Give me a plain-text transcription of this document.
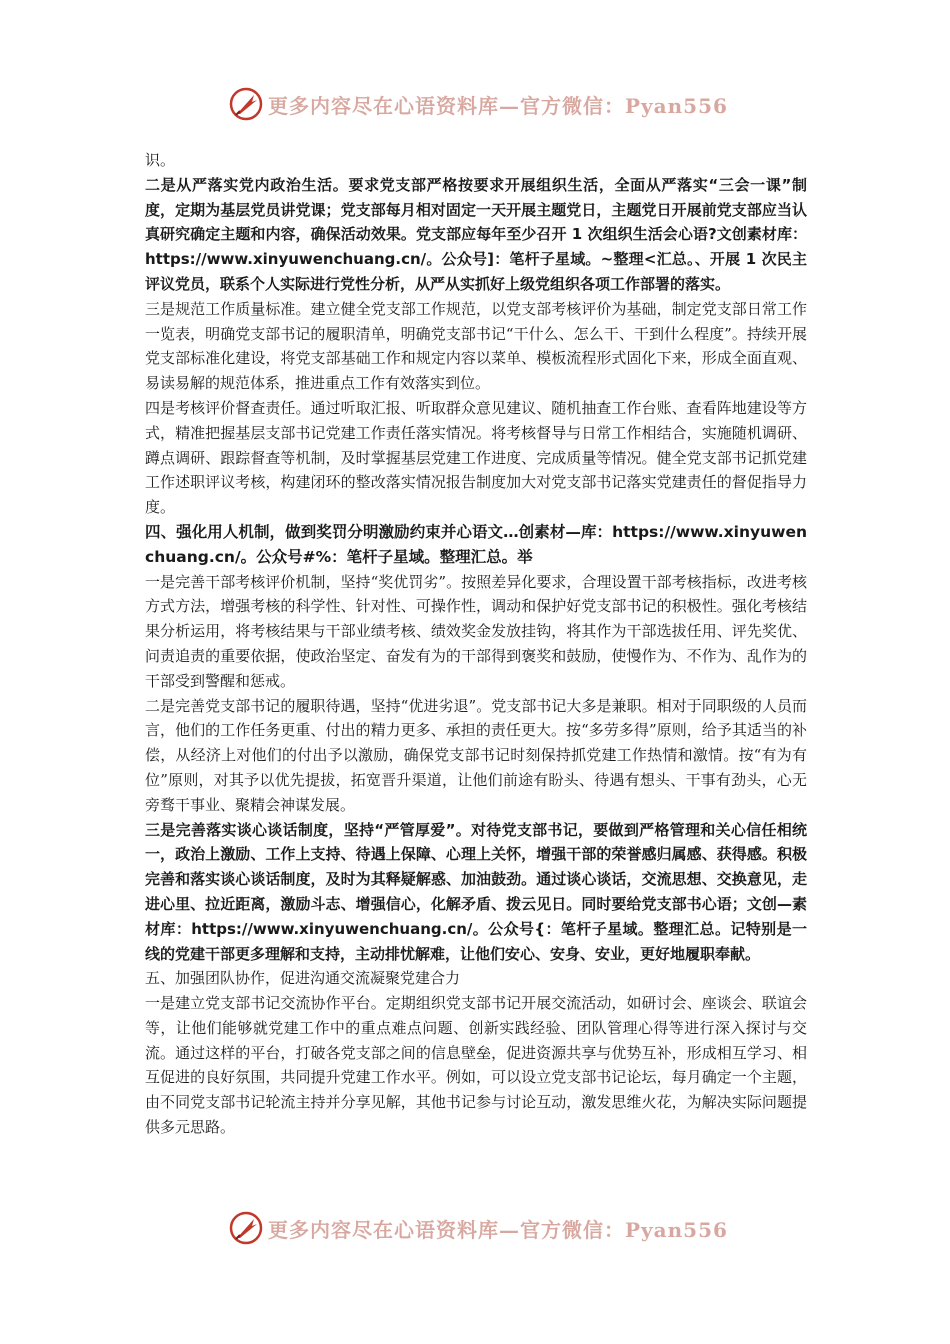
更多内容尽在心语资料库—官方微信：Pyan556

识。

二是从严落实党内政治生活。要求党支部严格按要求开展组织生活，全面从严落实“三会一课”制度，定期为基层党员讲党课；党支部每月相对固定一天开展主题党日，主题党日开展前党支部应当认真研究确定主题和内容，确保活动效果。党支部应每年至少召开 1 次组织生活会心语?文创素材库：https://www.xinyuwenchuang.cn/。公众号]：笔杆子星域。~整理<汇总。、开展 1 次民主评议党员，联系个人实际进行党性分析，从严从实抓好上级党组织各项工作部署的落实。

三是规范工作质量标准。建立健全党支部工作规范，以党支部考核评价为基础，制定党支部日常工作一览表，明确党支部书记的履职清单，明确党支部书记“干什么、怎么干、干到什么程度”。持续开展党支部标准化建设，将党支部基础工作和规定内容以菜单、模板流程形式固化下来，形成全面直观、易读易解的规范体系，推进重点工作有效落实到位。

四是考核评价督查责任。通过听取汇报、听取群众意见建议、随机抽查工作台账、查看阵地建设等方式，精准把握基层支部书记党建工作责任落实情况。将考核督导与日常工作相结合，实施随机调研、蹲点调研、跟踪督查等机制，及时掌握基层党建工作进度、完成质量等情况。健全党支部书记抓党建工作述职评议考核，构建闭环的整改落实情况报告制度加大对党支部书记落实党建责任的督促指导力度。

四、强化用人机制，做到奖罚分明激励约束并心语文…创素材—库：https://www.xinyuwenchuang.cn/。公众号#%：笔杆子星域。整理汇总。举

一是完善干部考核评价机制，坚持“奖优罚劣”。按照差异化要求，合理设置干部考核指标，改进考核方式方法，增强考核的科学性、针对性、可操作性，调动和保护好党支部书记的积极性。强化考核结果分析运用，将考核结果与干部业绩考核、绩效奖金发放挂钩，将其作为干部选拔任用、评先奖优、问责追责的重要依据，使政治坚定、奋发有为的干部得到褒奖和鼓励，使慢作为、不作为、乱作为的干部受到警醒和惩戒。

二是完善党支部书记的履职待遇，坚持“优进劣退”。党支部书记大多是兼职。相对于同职级的人员而言，他们的工作任务更重、付出的精力更多、承担的责任更大。按“多劳多得”原则，给予其适当的补偿，从经济上对他们的付出予以激励，确保党支部书记时刻保持抓党建工作热情和激情。按“有为有位”原则，对其予以优先提拔，拓宽晋升渠道，让他们前途有盼头、待遇有想头、干事有劲头，心无旁骛干事业、聚精会神谋发展。

三是完善落实谈心谈话制度，坚持“严管厚爱”。对待党支部书记，要做到严格管理和关心信任相统一，政治上激励、工作上支持、待遇上保障、心理上关怀，增强干部的荣誉感归属感、获得感。积极完善和落实谈心谈话制度，及时为其释疑解惑、加油鼓劲。通过谈心谈话，交流思想、交换意见，走进心里、拉近距离，激励斗志、增强信心，化解矛盾、拨云见日。同时要给党支部书心语；文创—素材库：https://www.xinyuwenchuang.cn/。公众号{：笔杆子星域。整理汇总。记特别是一线的党建干部更多理解和支持，主动排忧解难，让他们安心、安身、安业，更好地履职奉献。

五、加强团队协作，促进沟通交流凝聚党建合力

一是建立党支部书记交流协作平台。定期组织党支部书记开展交流活动，如研讨会、座谈会、联谊会等，让他们能够就党建工作中的重点难点问题、创新实践经验、团队管理心得等进行深入探讨与交流。通过这样的平台，打破各党支部之间的信息壁垒，促进资源共享与优势互补，形成相互学习、相互促进的良好氛围，共同提升党建工作水平。例如，可以设立党支部书记论坛，每月确定一个主题，由不同党支部书记轮流主持并分享见解，其他书记参与讨论互动，激发思维火花，为解决实际问题提供多元思路。

更多内容尽在心语资料库—官方微信：Pyan556
